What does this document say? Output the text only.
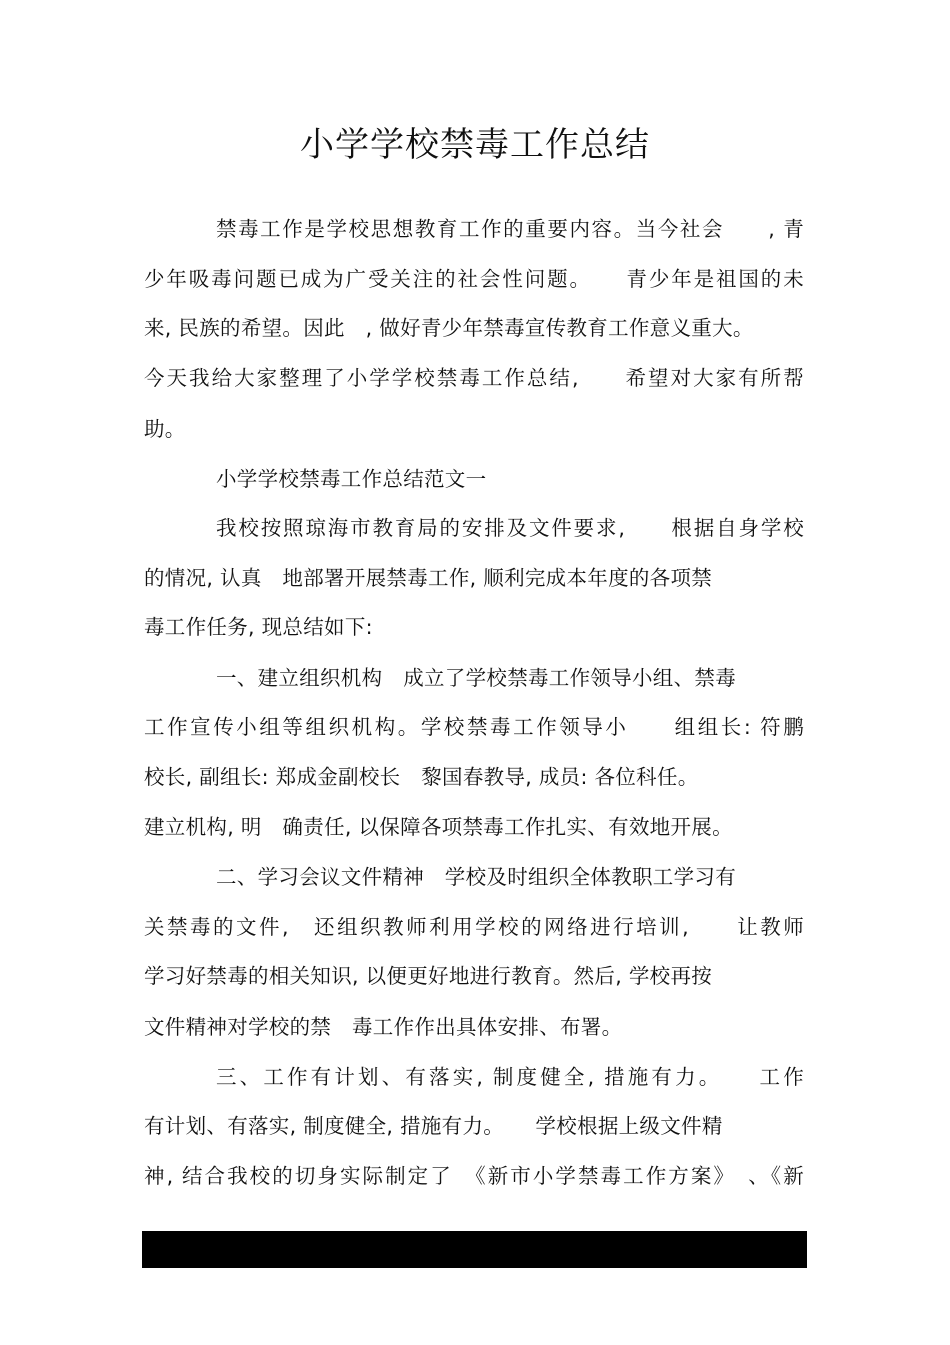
小学学校禁毒工作总结

禁毒工作是学校思想教育工作的重要内容。当今社会　　, 青

少年吸毒问题已成为广受关注的社会性问题。　　青少年是祖国的未

来, 民族的希望。因此　, 做好青少年禁毒宣传教育工作意义重大。

今天我给大家整理了小学学校禁毒工作总结,　　希望对大家有所帮

助。

小学学校禁毒工作总结范文一

我校按照琼海市教育局的安排及文件要求,　　根据自身学校

的情况, 认真　地部署开展禁毒工作, 顺利完成本年度的各项禁

毒工作任务, 现总结如下:

一、建立组织机构　成立了学校禁毒工作领导小组、禁毒

工作宣传小组等组织机构。学校禁毒工作领导小　　组组长: 符鹏

校长, 副组长: 郑成金副校长　黎国春教导, 成员: 各位科任。

建立机构, 明　确责任, 以保障各项禁毒工作扎实、有效地开展。

二、学习会议文件精神　学校及时组织全体教职工学习有

关禁毒的文件,　还组织教师利用学校的网络进行培训,　　让教师

学习好禁毒的相关知识, 以便更好地进行教育。然后, 学校再按

文件精神对学校的禁　毒工作作出具体安排、布署。

三、工作有计划、有落实, 制度健全, 措施有力。　　工作

有计划、有落实, 制度健全, 措施有力。　　学校根据上级文件精

神, 结合我校的切身实际制定了　《新市小学禁毒工作方案》　、《新
